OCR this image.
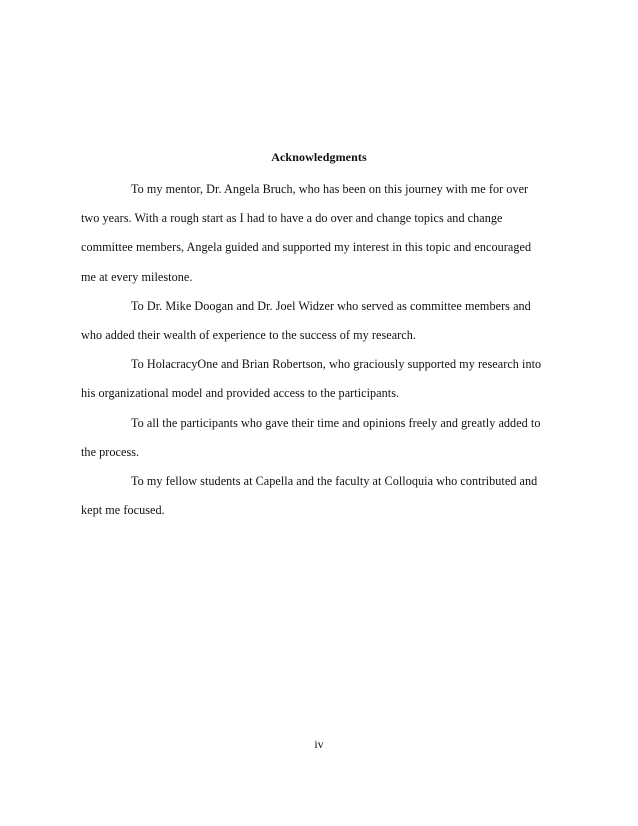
Acknowledgments
To my mentor, Dr. Angela Bruch, who has been on this journey with me for over
two years. With a rough start as I had to have a do over and change topics and change
committee members, Angela guided and supported my interest in this topic and encouraged
me at every milestone.
To Dr. Mike Doogan and Dr. Joel Widzer who served as committee members and
who added their wealth of experience to the success of my research.
To HolacracyOne and Brian Robertson, who graciously supported my research into
his organizational model and provided access to the participants.
To all the participants who gave their time and opinions freely and greatly added to
the process.
To my fellow students at Capella and the faculty at Colloquia who contributed and
kept me focused.
iv
